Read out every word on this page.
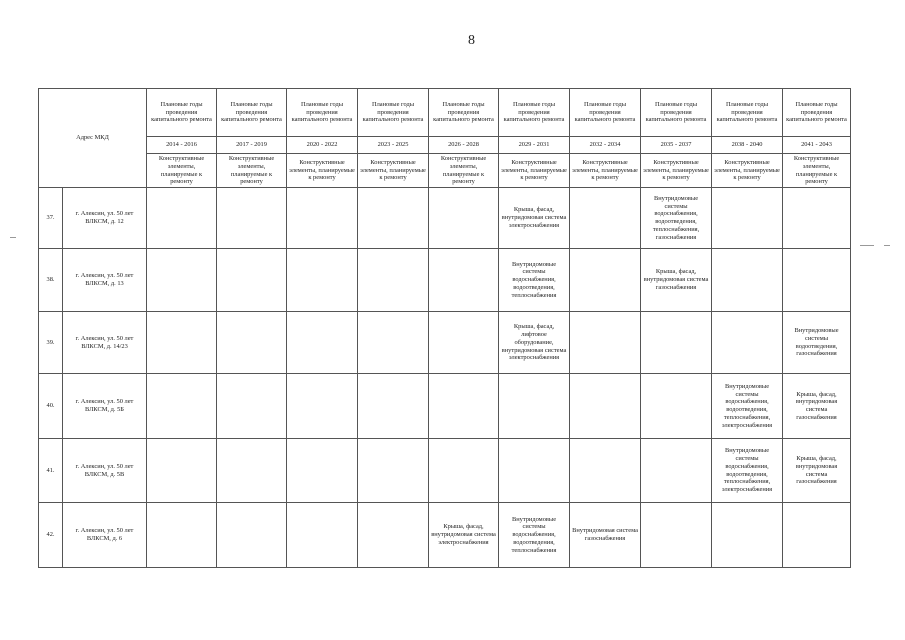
8
Адрес МКД		Плановые годы проведения капитального ремонта	Плановые годы проведения капитального ремонта	Плановые годы проведения капитального ремонта	Плановые годы проведения капитального ремонта	Плановые годы проведения капитального ремонта	Плановые годы проведения капитального ремонта	Плановые годы проведения капитального ремонта	Плановые годы проведения капитального ремонта	Плановые годы проведения капитального ремонта	Плановые годы проведения капитального ремонта
		2014 - 2016	2017 - 2019	2020 - 2022	2023 - 2025	2026 - 2028	2029 - 2031	2032 - 2034	2035 - 2037	2038 - 2040	2041 - 2043
		Конструктивные элементы, планируемые к ремонту	Конструктивные элементы, планируемые к ремонту	Конструктивные элементы, планируемые к ремонту	Конструктивные элементы, планируемые к ремонту	Конструктивные элементы, планируемые к ремонту	Конструктивные элементы, планируемые к ремонту	Конструктивные элементы, планируемые к ремонту	Конструктивные элементы, планируемые к ремонту	Конструктивные элементы, планируемые к ремонту	Конструктивные элементы, планируемые к ремонту
37.	г. Алексин, ул. 50 лет ВЛКСМ, д. 12						Крыша, фасад, внутридомовая система электроснабжения		Внутридомовые системы водоснабжения, водоотведения, теплоснабжения, газоснабжения		
38.	г. Алексин, ул. 50 лет ВЛКСМ, д. 13						Внутридомовые системы водоснабжения, водоотведения, теплоснабжения		Крыша, фасад, внутридомовая система газоснабжения		
39.	г. Алексин, ул. 50 лет ВЛКСМ, д. 14/23						Крыша, фасад, лифтовое оборудование, внутридомовая система электроснабжения				Внутридомовые системы водоотведения, газоснабжения
40.	г. Алексин, ул. 50 лет ВЛКСМ, д. 5Б									Внутридомовые системы водоснабжения, водоотведения, теплоснабжения, электроснабжения	Крыша, фасад, внутридомовая система газоснабжения
41.	г. Алексин, ул. 50 лет ВЛКСМ, д. 5В									Внутридомовые системы водоснабжения, водоотведения, теплоснабжения, электроснабжения	Крыша, фасад, внутридомовая система газоснабжения
42.	г. Алексин, ул. 50 лет ВЛКСМ, д. 6					Крыша, фасад, внутридомовая система электроснабжения	Внутридомовые системы водоснабжения, водоотведения, теплоснабжения	Внутридомовая система газоснабжения			
